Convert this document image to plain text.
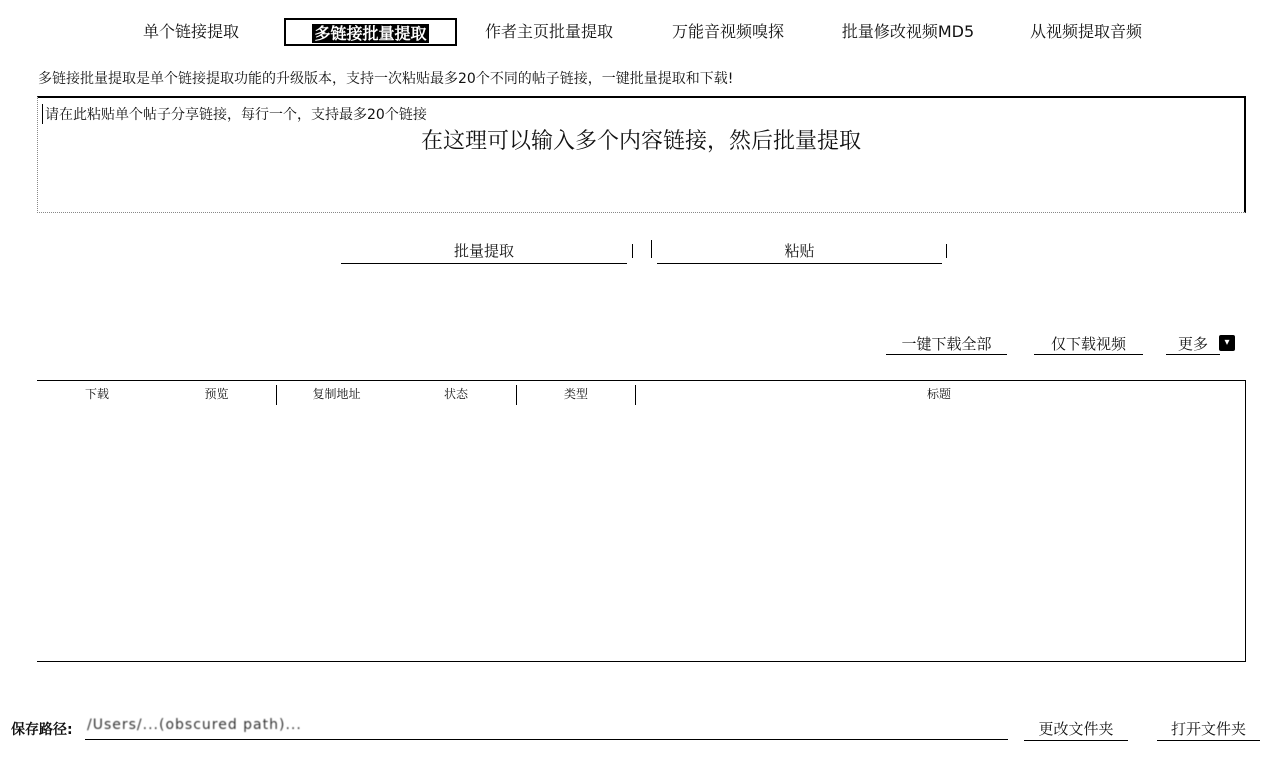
单个链接提取	多链接批量提取	作者主页批量提取	万能音视频嗅探	批量修改视频MD5	从视频提取音频
多链接批量提取是单个链接提取功能的升级版本，支持一次粘贴最多20个不同的帖子链接，一键批量提取和下载!
请在此粘贴单个帖子分享链接，每行一个，支持最多20个链接
在这理可以输入多个内容链接，然后批量提取
批量提取	粘贴
一键下载全部	仅下载视频	更多	▾
下载	预览	复制地址	状态	类型	标题
保存路径: /Users/...(obscured path)...	更改文件夹	打开文件夹
